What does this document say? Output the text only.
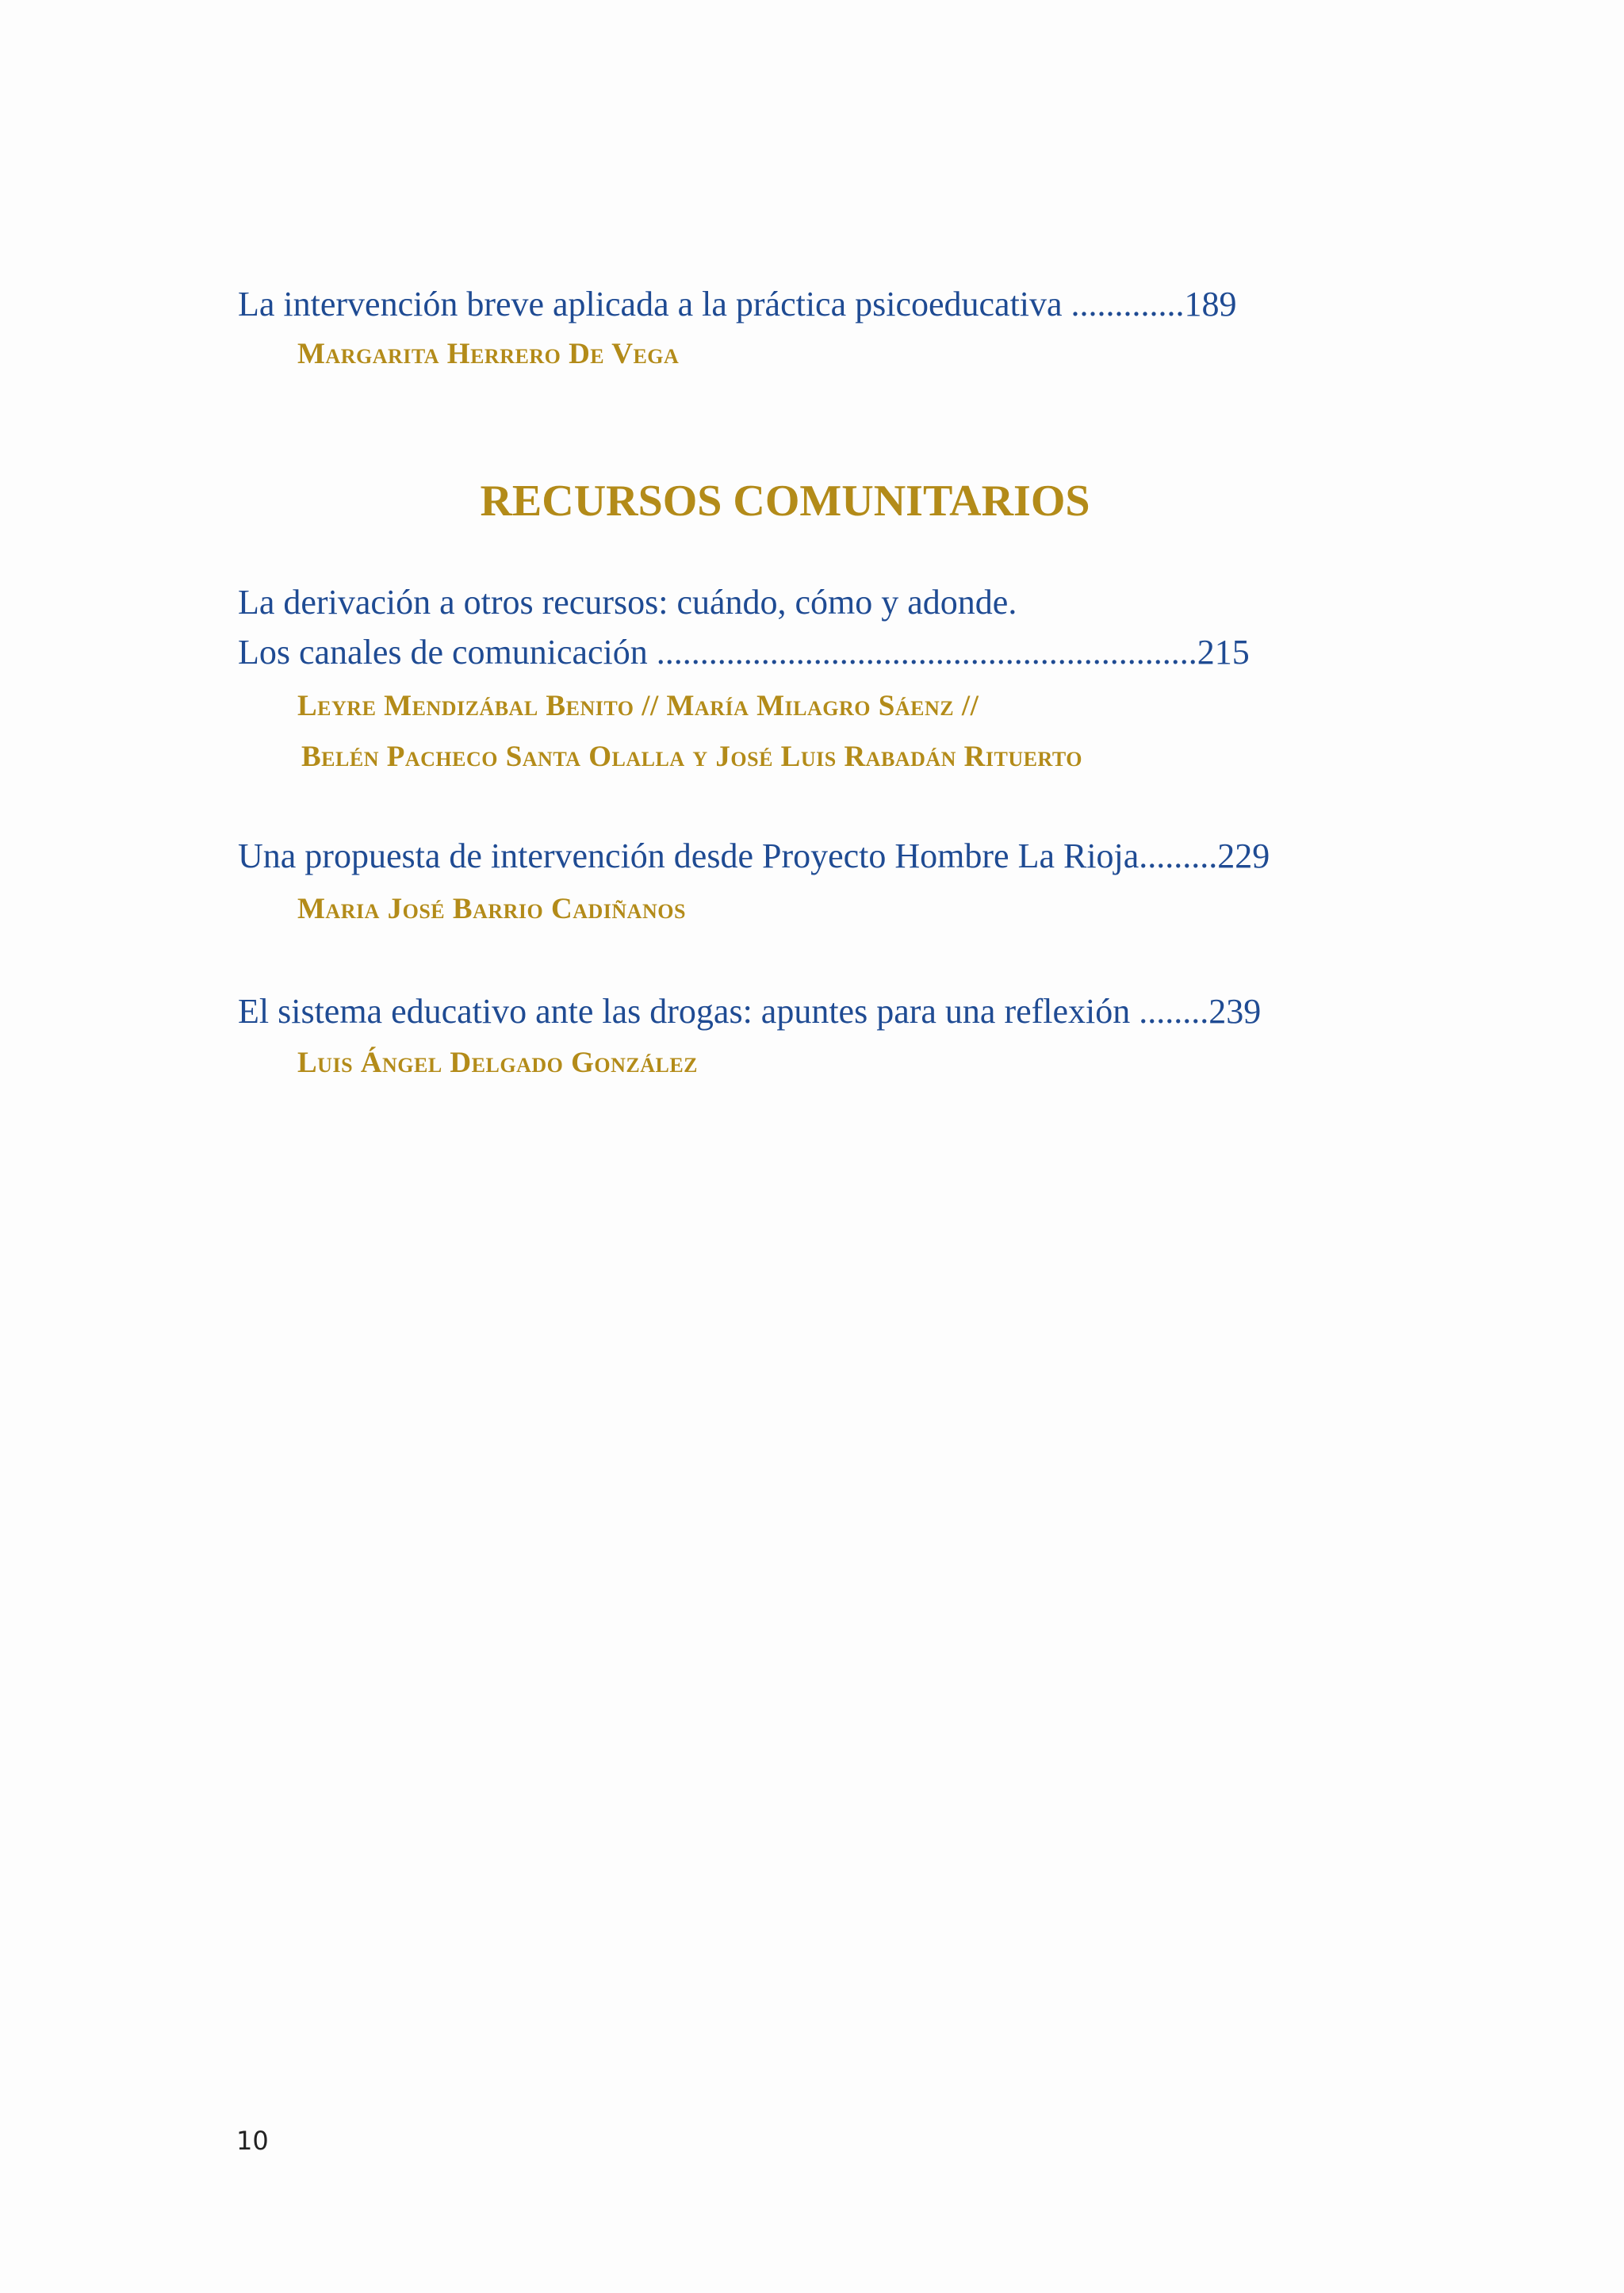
La intervención breve aplicada a la práctica psicoeducativa .............189

Margarita Herrero De Vega

RECURSOS COMUNITARIOS

La derivación a otros recursos: cuándo, cómo y adonde.

Los canales de comunicación ..............................................................215

Leyre Mendizábal Benito // María Milagro Sáenz //

Belén Pacheco Santa Olalla y José Luis Rabadán Rituerto

Una propuesta de intervención desde Proyecto Hombre La Rioja.........229

Maria José Barrio Cadiñanos

El sistema educativo ante las drogas: apuntes para una reflexión ........239

Luis Ángel Delgado González

10
